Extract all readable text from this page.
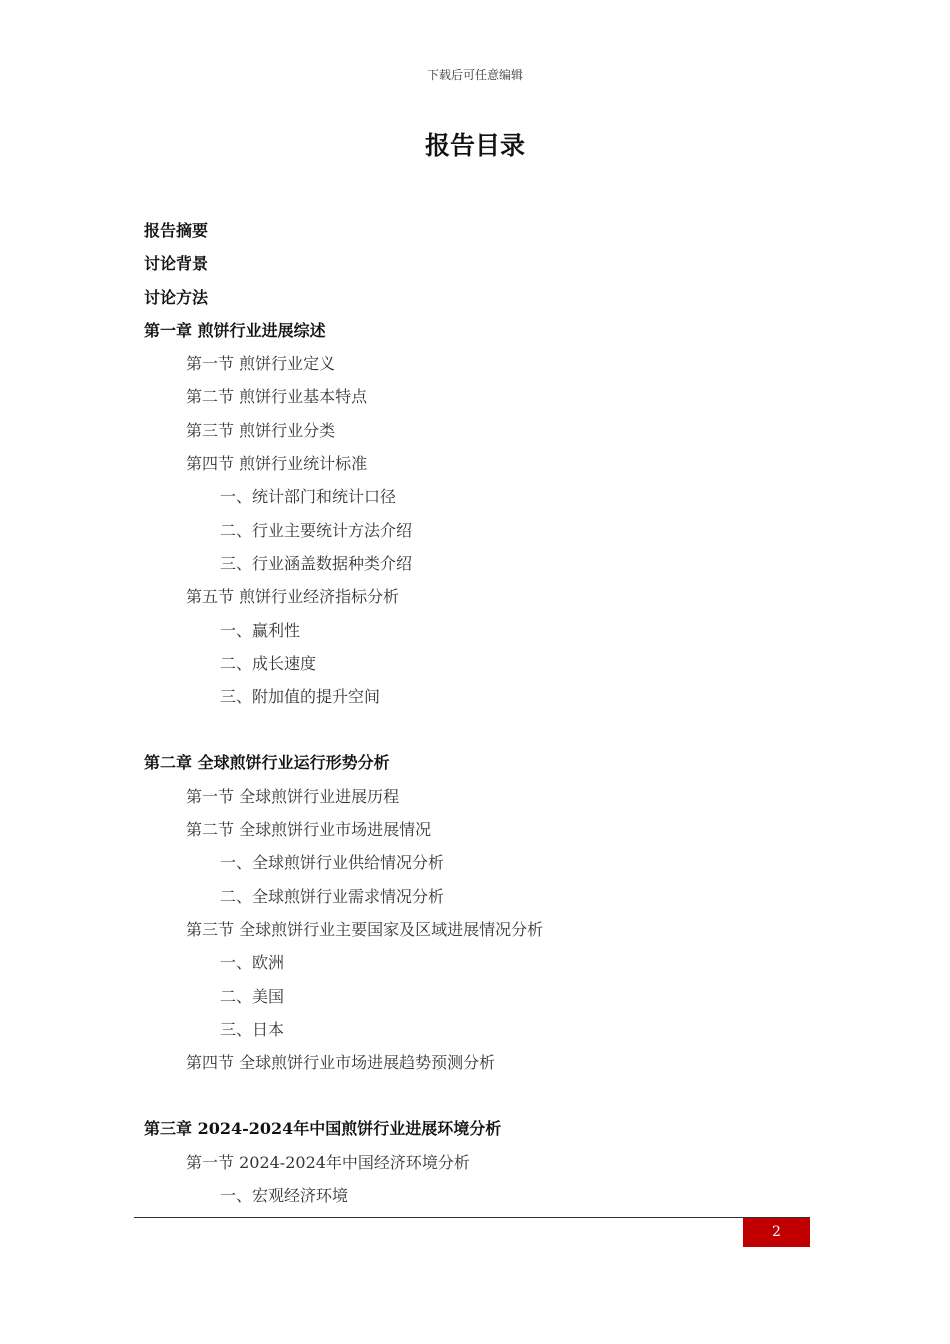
下载后可任意编辑
报告目录
报告摘要
讨论背景
讨论方法
第一章 煎饼行业进展综述
第一节 煎饼行业定义
第二节 煎饼行业基本特点
第三节 煎饼行业分类
第四节 煎饼行业统计标准
一、统计部门和统计口径
二、行业主要统计方法介绍
三、行业涵盖数据种类介绍
第五节 煎饼行业经济指标分析
一、赢利性
二、成长速度
三、附加值的提升空间
第二章 全球煎饼行业运行形势分析
第一节 全球煎饼行业进展历程
第二节 全球煎饼行业市场进展情况
一、全球煎饼行业供给情况分析
二、全球煎饼行业需求情况分析
第三节 全球煎饼行业主要国家及区域进展情况分析
一、欧洲
二、美国
三、日本
第四节 全球煎饼行业市场进展趋势预测分析
第三章 2024-2024年中国煎饼行业进展环境分析
第一节 2024-2024年中国经济环境分析
一、宏观经济环境
2
